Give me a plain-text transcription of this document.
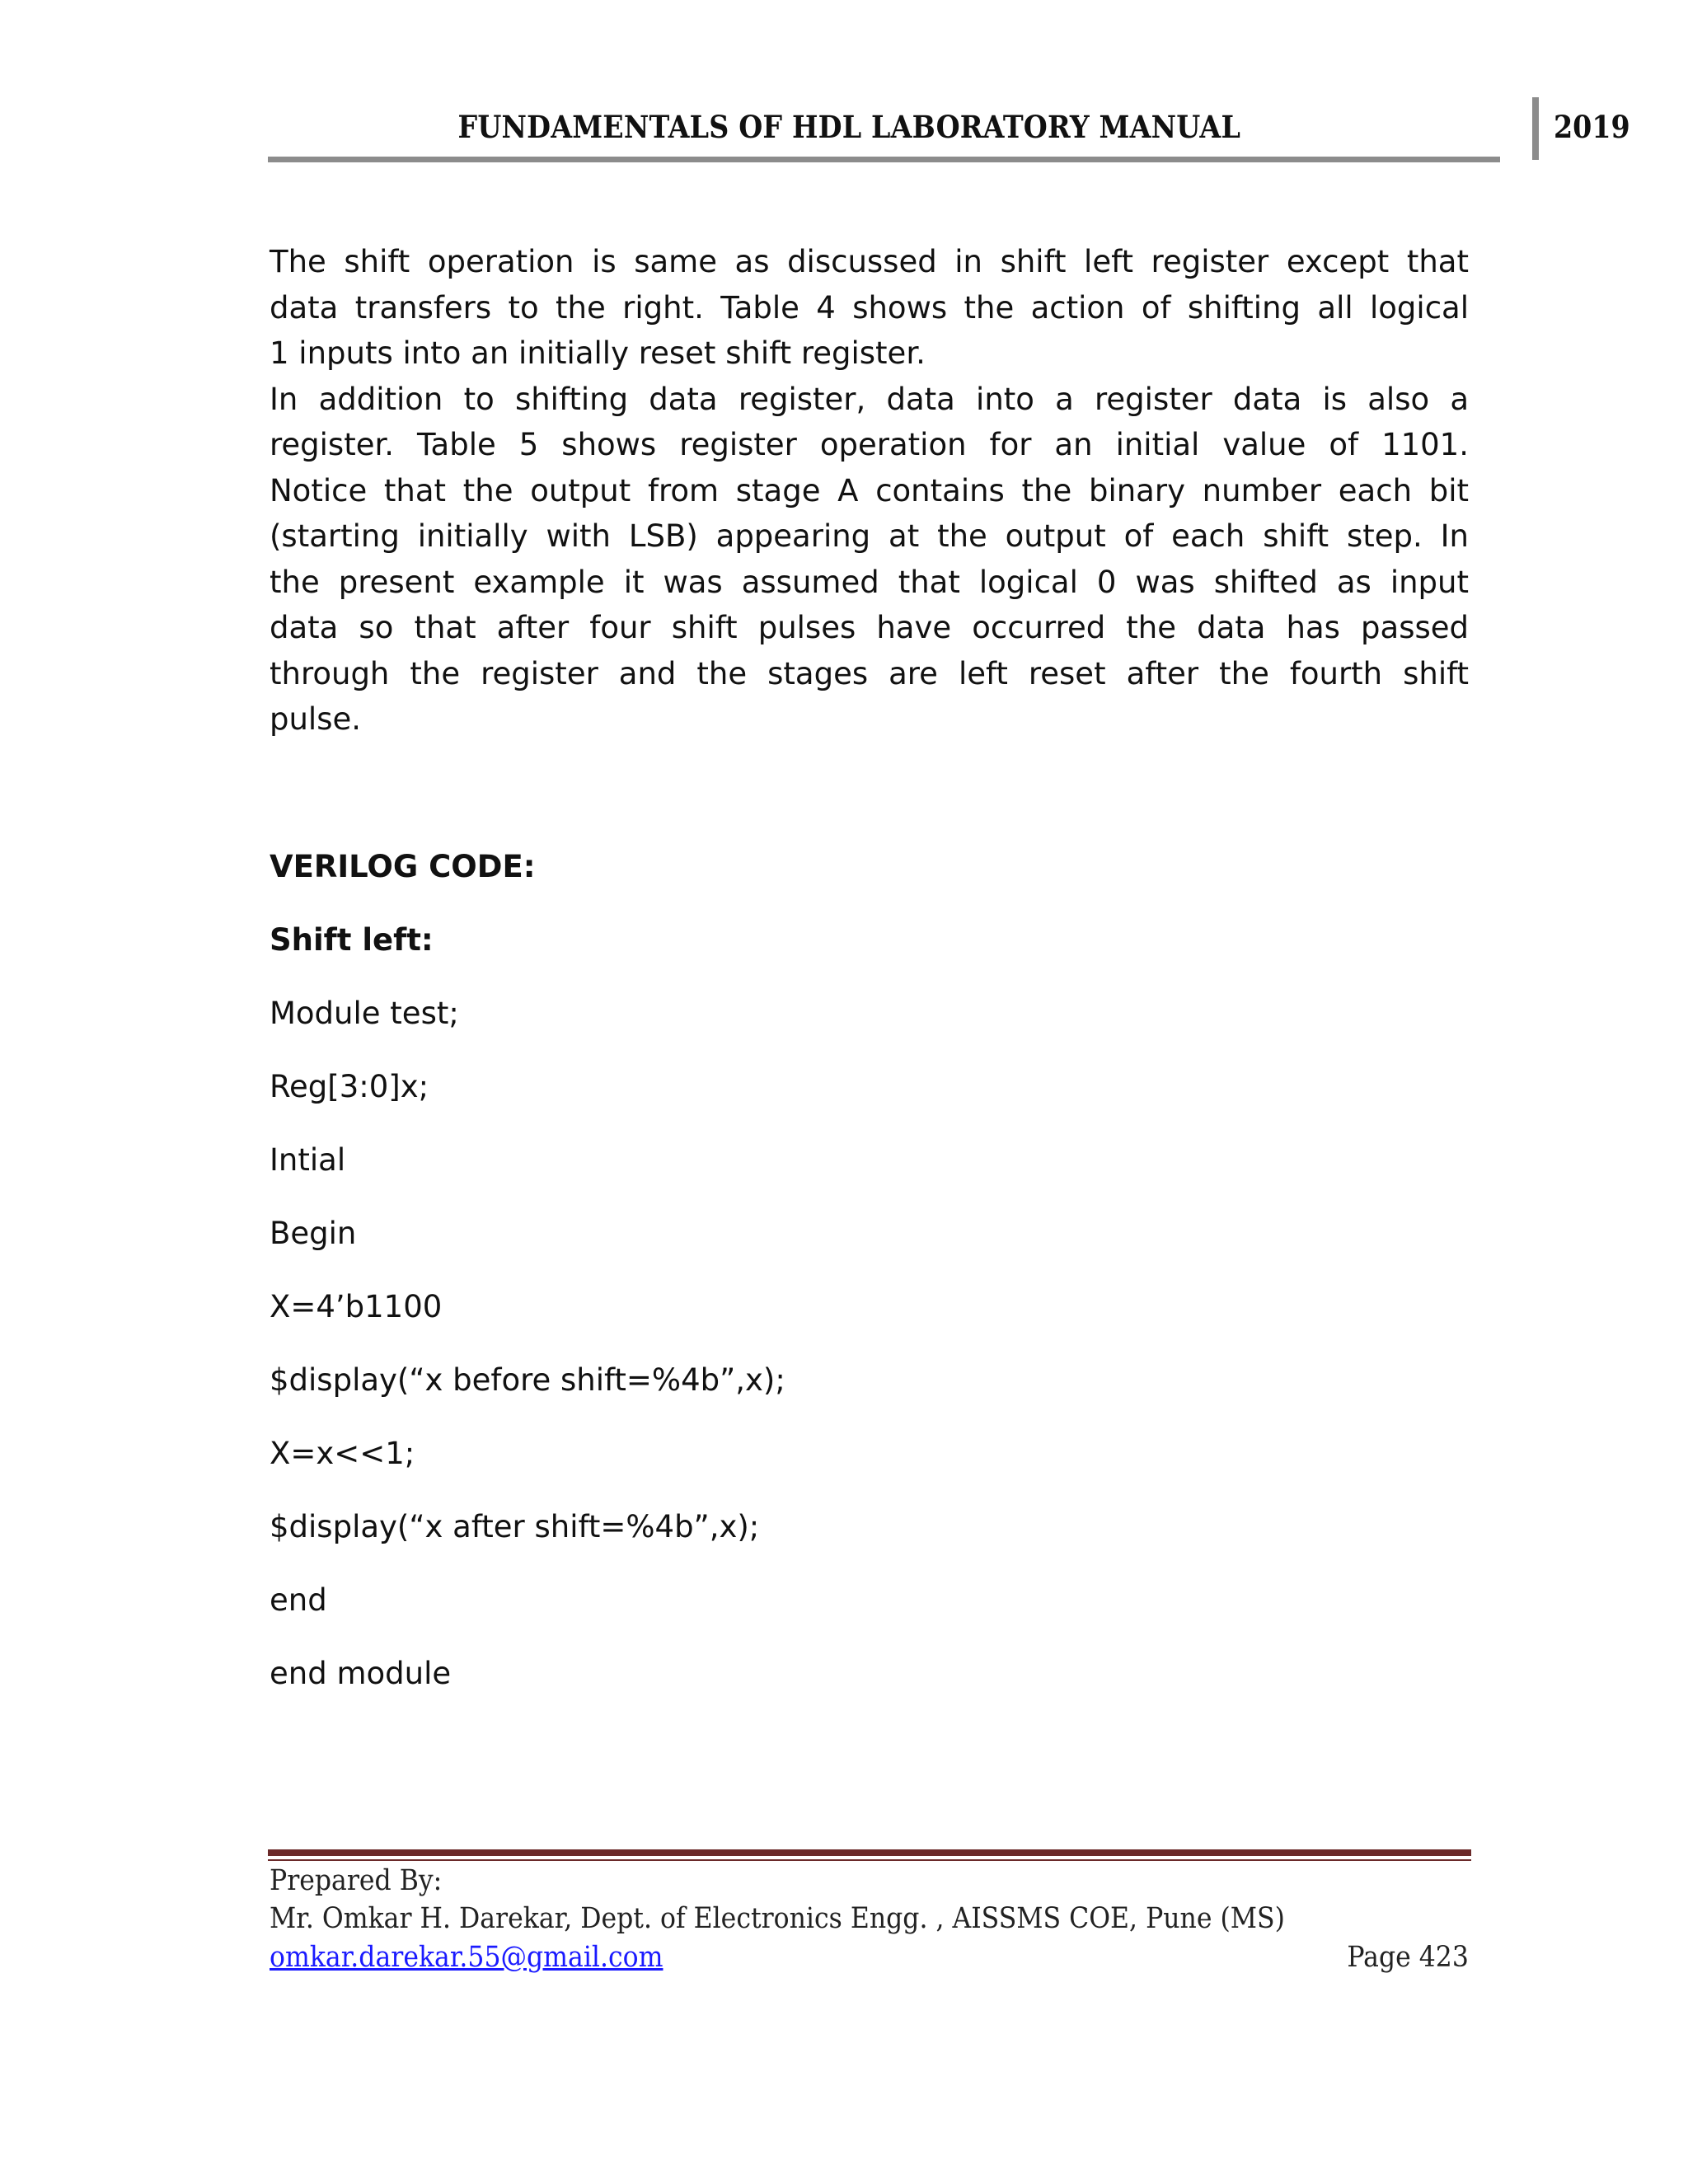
FUNDAMENTALS OF HDL LABORATORY MANUAL	2019
The shift operation is same as discussed in shift left register except that
data transfers to the right. Table 4 shows the action of shifting all logical
1 inputs into an initially reset shift register.
In addition to shifting data register, data into a register data is also a
register. Table 5 shows register operation for an initial value of 1101.
Notice that the output from stage A contains the binary number each bit
(starting initially with LSB) appearing at the output of each shift step. In
the present example it was assumed that logical 0 was shifted as input
data so that after four shift pulses have occurred the data has passed
through the register and the stages are left reset after the fourth shift
pulse.
VERILOG CODE:
Shift left:
Module test;
Reg[3:0]x;
Intial
Begin
X=4’b1100
$display(“x before shift=%4b”,x);
X=x<<1;
$display(“x after shift=%4b”,x);
end
end module
Prepared By:
Mr. Omkar H. Darekar, Dept. of Electronics Engg. , AISSMS COE, Pune (MS)
omkar.darekar.55@gmail.com	Page 423
